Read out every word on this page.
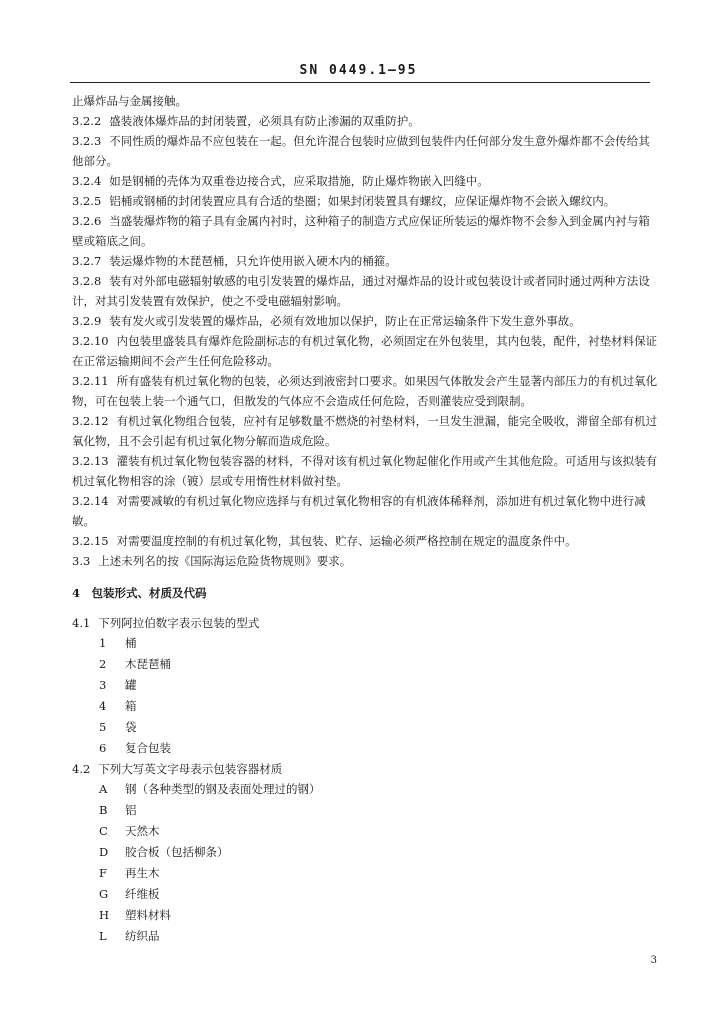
SN 0449.1—95
止爆炸品与金属接触。
3.2.2 盛装液体爆炸品的封闭装置，必须具有防止渗漏的双重防护。
3.2.3 不同性质的爆炸品不应包装在一起。但允许混合包装时应做到包装件内任何部分发生意外爆炸都不会传给其他部分。
3.2.4 如是钢桶的壳体为双重卷边接合式，应采取措施，防止爆炸物嵌入凹缝中。
3.2.5 铝桶或钢桶的封闭装置应具有合适的垫圈；如果封闭装置具有螺纹，应保证爆炸物不会嵌入螺纹内。
3.2.6 当盛装爆炸物的箱子具有金属内衬时，这种箱子的制造方式应保证所装运的爆炸物不会参入到金属内衬与箱壁或箱底之间。
3.2.7 装运爆炸物的木琵琶桶，只允许使用嵌入硬木内的桶箍。
3.2.8 装有对外部电磁辐射敏感的电引发装置的爆炸品，通过对爆炸品的设计或包装设计或者同时通过两种方法设计，对其引发装置有效保护，使之不受电磁辐射影响。
3.2.9 装有发火或引发装置的爆炸品，必须有效地加以保护，防止在正常运输条件下发生意外事故。
3.2.10 内包装里盛装具有爆炸危险副标志的有机过氧化物，必须固定在外包装里，其内包装，配件，衬垫材料保证在正常运输期间不会产生任何危险移动。
3.2.11 所有盛装有机过氧化物的包装，必须达到液密封口要求。如果因气体散发会产生显著内部压力的有机过氧化物，可在包装上装一个通气口，但散发的气体应不会造成任何危险，否则灌装应受到限制。
3.2.12 有机过氧化物组合包装，应衬有足够数量不燃烧的衬垫材料，一旦发生泄漏，能完全吸收，滞留全部有机过氧化物，且不会引起有机过氧化物分解而造成危险。
3.2.13 灌装有机过氧化物包装容器的材料，不得对该有机过氧化物起催化作用或产生其他危险。可适用与该拟装有机过氧化物相容的涂（镀）层或专用惰性材料做衬垫。
3.2.14 对需要减敏的有机过氧化物应选择与有机过氧化物相容的有机液体稀释剂，添加进有机过氧化物中进行减敏。
3.2.15 对需要温度控制的有机过氧化物，其包装、贮存、运输必须严格控制在规定的温度条件中。
3.3 上述未列名的按《国际海运危险货物规则》要求。
4　包装形式、材质及代码
4.1 下列阿拉伯数字表示包装的型式
1 桶
2 木琵琶桶
3 罐
4 箱
5 袋
6 复合包装
4.2 下列大写英文字母表示包装容器材质
A 钢（各种类型的钢及表面处理过的钢）
B 铝
C 天然木
D 胶合板（包括柳条）
F 再生木
G 纤维板
H 塑料材料
L 纺织品
3
